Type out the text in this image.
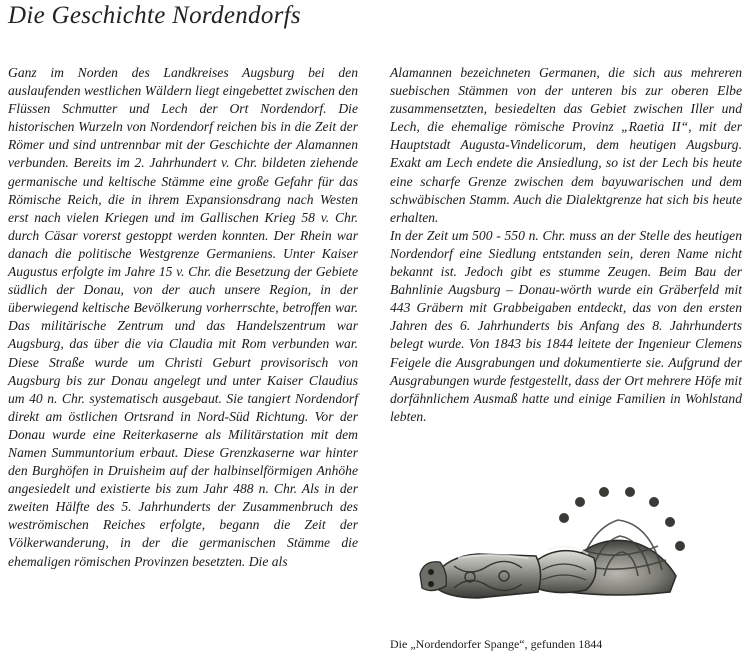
Die Geschichte Nordendorfs

Ganz im Norden des Landkreises Augsburg bei den auslaufenden westlichen Wäldern liegt eingebettet zwischen den Flüssen Schmutter und Lech der Ort Nordendorf. Die historischen Wurzeln von Nordendorf reichen bis in die Zeit der Römer und sind untrennbar mit der Geschichte der Alamannen verbunden. Bereits im 2. Jahrhundert v. Chr. bildeten ziehende germanische und keltische Stämme eine große Gefahr für das Römische Reich, die in ihrem Expansionsdrang nach Westen erst nach vielen Kriegen und im Gallischen Krieg 58 v. Chr. durch Cäsar vorerst gestoppt werden konnten. Der Rhein war danach die politische Westgrenze Germaniens. Unter Kaiser Augustus erfolgte im Jahre 15 v. Chr. die Besetzung der Gebiete südlich der Donau, von der auch unsere Region, in der überwiegend keltische Bevölkerung vorherrschte, betroffen war. Das militärische Zentrum und das Handelszentrum war Augsburg, das über die via Claudia mit Rom verbunden war. Diese Straße wurde um Christi Geburt provisorisch von Augsburg bis zur Donau angelegt und unter Kaiser Claudius um 40 n. Chr. systematisch ausgebaut. Sie tangiert Nordendorf direkt am östlichen Ortsrand in Nord-Süd Richtung. Vor der Donau wurde eine Reiterkaserne als Militärstation mit dem Namen Summuntorium erbaut. Diese Grenzkaserne war hinter den Burghöfen in Druisheim auf der halbinselförmigen Anhöhe angesiedelt und existierte bis zum Jahr 488 n. Chr. Als in der zweiten Hälfte des 5. Jahrhunderts der Zusammenbruch des weströmischen Reiches erfolgte, begann die Zeit der Völkerwanderung, in der die germanischen Stämme die ehemaligen römischen Provinzen besetzten. Die als

Alamannen bezeichneten Germanen, die sich aus mehreren suebischen Stämmen von der unteren bis zur oberen Elbe zusammensetzten, besiedelten das Gebiet zwischen Iller und Lech, die ehemalige römische Provinz „Raetia II“, mit der Hauptstadt Augusta-Vindelicorum, dem heutigen Augsburg. Exakt am Lech endete die Ansiedlung, so ist der Lech bis heute eine scharfe Grenze zwischen dem bayuwarischen und dem schwäbischen Stamm. Auch die Dialektgrenze hat sich bis heute erhalten.

In der Zeit um 500 - 550 n. Chr. muss an der Stelle des heutigen Nordendorf eine Siedlung entstanden sein, deren Name nicht bekannt ist. Jedoch gibt es stumme Zeugen. Beim Bau der Bahnlinie Augsburg – Donau-wörth wurde ein Gräberfeld mit 443 Gräbern mit Grabbeigaben entdeckt, das von den ersten Jahren des 6. Jahrhunderts bis Anfang des 8. Jahrhunderts belegt wurde. Von 1843 bis 1844 leitete der Ingenieur Clemens Feigele die Ausgrabungen und dokumentierte sie. Aufgrund der Ausgrabungen wurde festgestellt, dass der Ort mehrere Höfe mit dorfähnlichem Ausmaß hatte und einige Familien in Wohlstand lebten.

Die „Nordendorfer Spange“, gefunden 1844
